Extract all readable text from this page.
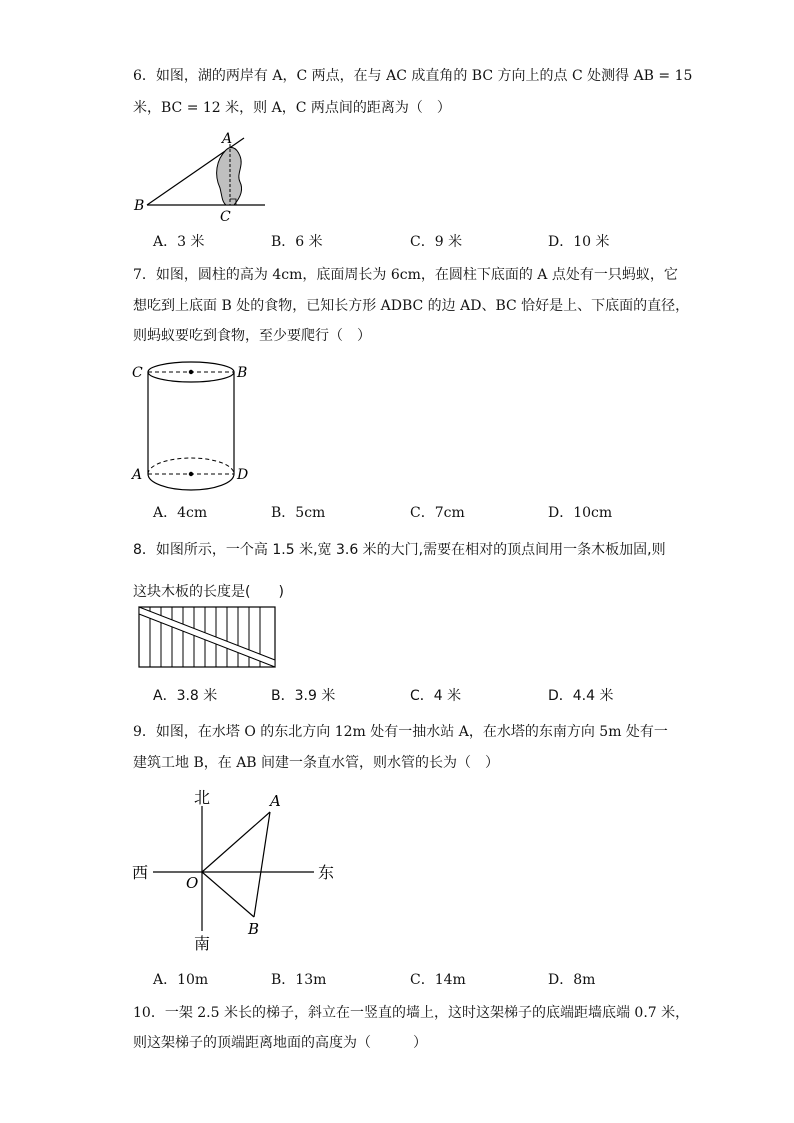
6．如图，湖的两岸有 A，C 两点，在与 AC 成直角的 BC 方向上的点 C 处测得 AB = 15
米，BC = 12 米，则 A，C 两点间的距离为（　）
A
B
C
A．3 米	B．6 米	C．9 米	D．10 米
7．如图，圆柱的高为 4cm，底面周长为 6cm，在圆柱下底面的 A 点处有一只蚂蚁，它
想吃到上底面 B 处的食物，已知长方形 ADBC 的边 AD、BC 恰好是上、下底面的直径，
则蚂蚁要吃到食物，至少要爬行（　）
C	B
A	D
A．4cm	B．5cm	C．7cm	D．10cm
8．如图所示，一个高 1.5 米,宽 3.6 米的大门,需要在相对的顶点间用一条木板加固,则
这块木板的长度是(　　)
A．3.8 米	B．3.9 米	C．4 米	D．4.4 米
9．如图，在水塔 O 的东北方向 12m 处有一抽水站 A，在水塔的东南方向 5m 处有一
建筑工地 B，在 AB 间建一条直水管，则水管的长为（　）
北
南
西	东
O
A
B
A．10m	B．13m	C．14m	D．8m
10．一架 2.5 米长的梯子，斜立在一竖直的墙上，这时这架梯子的底端距墙底端 0.7 米，
则这架梯子的顶端距离地面的高度为（　　　）
